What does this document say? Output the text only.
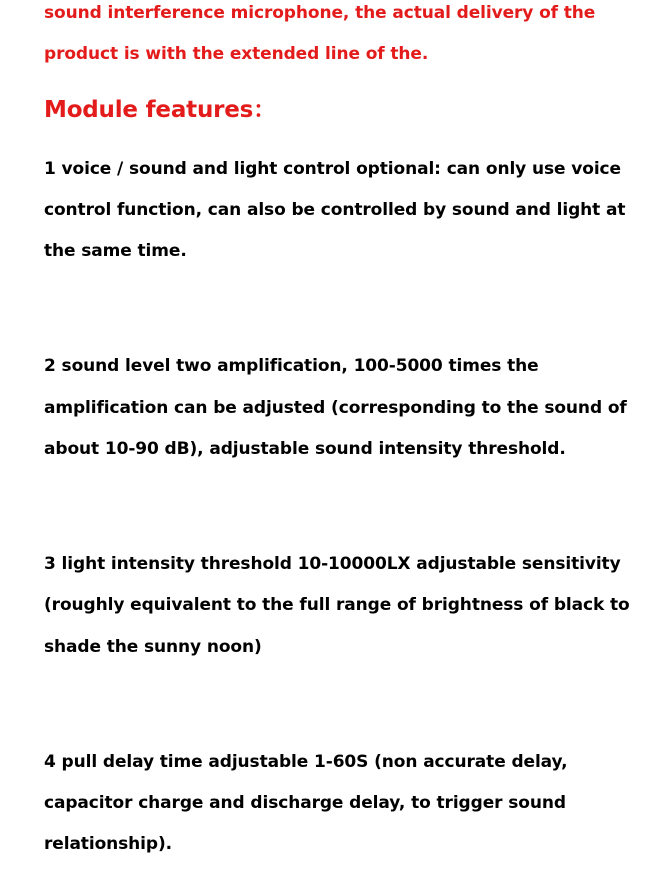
sound interference microphone, the actual delivery of the

product is with the extended line of the.

Module features：

1 voice / sound and light control optional: can only use voice

control function, can also be controlled by sound and light at

the same time.

2 sound level two amplification, 100-5000 times the

amplification can be adjusted (corresponding to the sound of

about 10-90 dB), adjustable sound intensity threshold.

3 light intensity threshold 10-10000LX adjustable sensitivity

(roughly equivalent to the full range of brightness of black to

shade the sunny noon)

4 pull delay time adjustable 1-60S (non accurate delay,

capacitor charge and discharge delay, to trigger sound

relationship).
